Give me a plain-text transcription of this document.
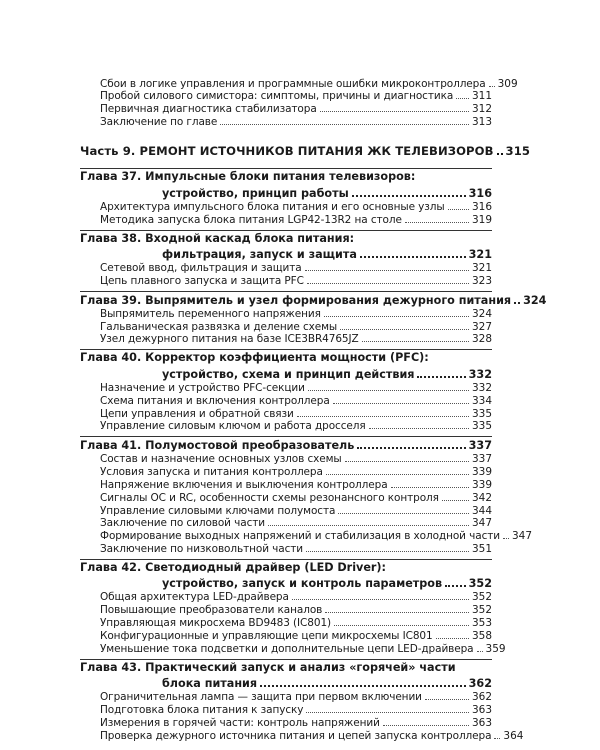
Сбои в логике управления и программные ошибки микроконтроллера 309
Пробой силового симистора: симптомы, причины и диагностика 311
Первичная диагностика стабилизатора	312
Заключение по главе	313
Часть 9. РЕМОНТ ИСТОЧНИКОВ ПИТАНИЯ ЖК ТЕЛЕВИЗОРОВ 315
Глава 37. Импульсные блоки питания телевизоров:
устройство, принцип работы	316
Архитектура импульсного блока питания и его основные узлы	316
Методика запуска блока питания LGP42-13R2 на столе	319
Глава 38. Входной каскад блока питания:
фильтрация, запуск и защита	321
Сетевой ввод, фильтрация и защита	321
Цепь плавного запуска и защита PFC	323
Глава 39. Выпрямитель и узел формирования дежурного питания 324
Выпрямитель переменного напряжения	324
Гальваническая развязка и деление схемы	327
Узел дежурного питания на базе ICE3BR4765JZ	328
Глава 40. Корректор коэффициента мощности (PFC):
устройство, схема и принцип действия	332
Назначение и устройство PFC-секции	332
Схема питания и включения контроллера	334
Цепи управления и обратной связи	335
Управление силовым ключом и работа дросселя	335
Глава 41. Полумостовой преобразователь	337
Состав и назначение основных узлов схемы	337
Условия запуска и питания контроллера	339
Напряжение включения и выключения контроллера	339
Сигналы ОС и RC, особенности схемы резонансного контроля	342
Управление силовыми ключами полумоста	344
Заключение по силовой части	347
Формирование выходных напряжений и стабилизация в холодной части 347
Заключение по низковольтной части	351
Глава 42. Светодиодный драйвер (LED Driver):
устройство, запуск и контроль параметров 352
Общая архитектура LED-драйвера	352
Повышающие преобразователи каналов	352
Управляющая микросхема BD9483 (IC801)	353
Конфигурационные и управляющие цепи микросхемы IC801	358
Уменьшение тока подсветки и дополнительные цепи LED-драйвера 359
Глава 43. Практический запуск и анализ «горячей» части
блока питания	362
Ограничительная лампа — защита при первом включении	362
Подготовка блока питания к запуску	363
Измерения в горячей части: контроль напряжений	363
Проверка дежурного источника питания и цепей запуска контроллера 364
